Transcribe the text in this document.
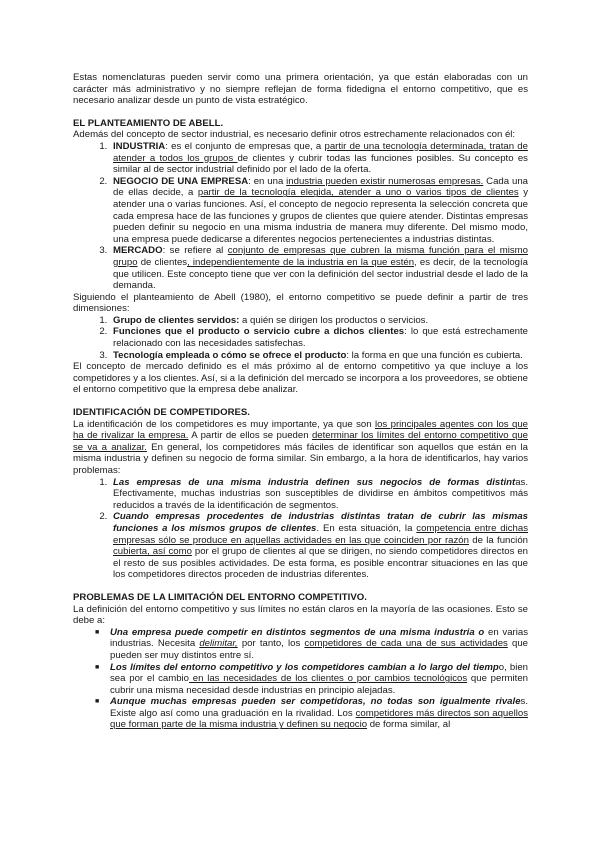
Estas nomenclaturas pueden servir como una primera orientación, ya que están elaboradas con un carácter más administrativo y no siempre reflejan de forma fidedigna el entorno competitivo, que es necesario analizar desde un punto de vista estratégico.

EL PLANTEAMIENTO DE ABELL.

Además del concepto de sector industrial, es necesario definir otros estrechamente relacionados con él:

1. INDUSTRIA: es el conjunto de empresas que, a partir de una tecnología determinada, tratan de atender a todos los grupos de clientes y cubrir todas las funciones posibles. Su concepto es similar al de sector industrial definido por el lado de la oferta.
2. NEGOCIO DE UNA EMPRESA: en una industria pueden existir numerosas empresas. Cada una de ellas decide, a partir de la tecnología elegida, atender a uno o varios tipos de clientes y atender una o varias funciones. Así, el concepto de negocio representa la selección concreta que cada empresa hace de las funciones y grupos de clientes que quiere atender. Distintas empresas pueden definir su negocio en una misma industria de manera muy diferente. Del mismo modo, una empresa puede dedicarse a diferentes negocios pertenecientes a industrias distintas.
3. MERCADO: se refiere al conjunto de empresas que cubren la misma función para el mismo grupo de clientes, independientemente de la industria en la que estén, es decir, de la tecnología que utilicen. Este concepto tiene que ver con la definición del sector industrial desde el lado de la demanda.

Siguiendo el planteamiento de Abell (1980), el entorno competitivo se puede definir a partir de tres dimensiones:

1. Grupo de clientes servidos: a quién se dirigen los productos o servicios.
2. Funciones que el producto o servicio cubre a dichos clientes: lo que está estrechamente relacionado con las necesidades satisfechas.
3. Tecnología empleada o cómo se ofrece el producto: la forma en que una función es cubierta.

El concepto de mercado definido es el más próximo al de entorno competitivo ya que incluye a los competidores y a los clientes. Así, si a la definición del mercado se incorpora a los proveedores, se obtiene el entorno competitivo que la empresa debe analizar.

IDENTIFICACIÓN DE COMPETIDORES.

La identificación de los competidores es muy importante, ya que son los principales agentes con los que ha de rivalizar la empresa. A partir de ellos se pueden determinar los límites del entorno competitivo que se va a analizar. En general, los competidores más fáciles de identificar son aquellos que están en la misma industria y definen su negocio de forma similar. Sin embargo, a la hora de identificarlos, hay varios problemas:

1. Las empresas de una misma industria definen sus negocios de formas distintas. Efectivamente, muchas industrias son susceptibles de dividirse en ámbitos competitivos más reducidos a través de la identificación de segmentos.
2. Cuando empresas procedentes de industrias distintas tratan de cubrir las mismas funciones a los mismos grupos de clientes. En esta situación, la competencia entre dichas empresas sólo se produce en aquellas actividades en las que coinciden por razón de la función cubierta, así como por el grupo de clientes al que se dirigen, no siendo competidores directos en el resto de sus posibles actividades. De esta forma, es posible encontrar situaciones en las que los competidores directos proceden de industrias diferentes.

PROBLEMAS DE LA LIMITACIÓN DEL ENTORNO COMPETITIVO.

La definición del entorno competitivo y sus límites no están claros en la mayoría de las ocasiones. Esto se debe a:

■ Una empresa puede competir en distintos segmentos de una misma industria o en varias industrias. Necesita delimitar, por tanto, los competidores de cada una de sus actividades que pueden ser muy distintos entre sí.
■ Los límites del entorno competitivo y los competidores cambian a lo largo del tiempo, bien sea por el cambio en las necesidades de los clientes o por cambios tecnológicos que permiten cubrir una misma necesidad desde industrias en principio alejadas.
■ Aunque muchas empresas pueden ser competidoras, no todas son igualmente rivales. Existe algo así como una graduación en la rivalidad. Los competidores más directos son aquellos que forman parte de la misma industria y definen su negocio de forma similar, al
